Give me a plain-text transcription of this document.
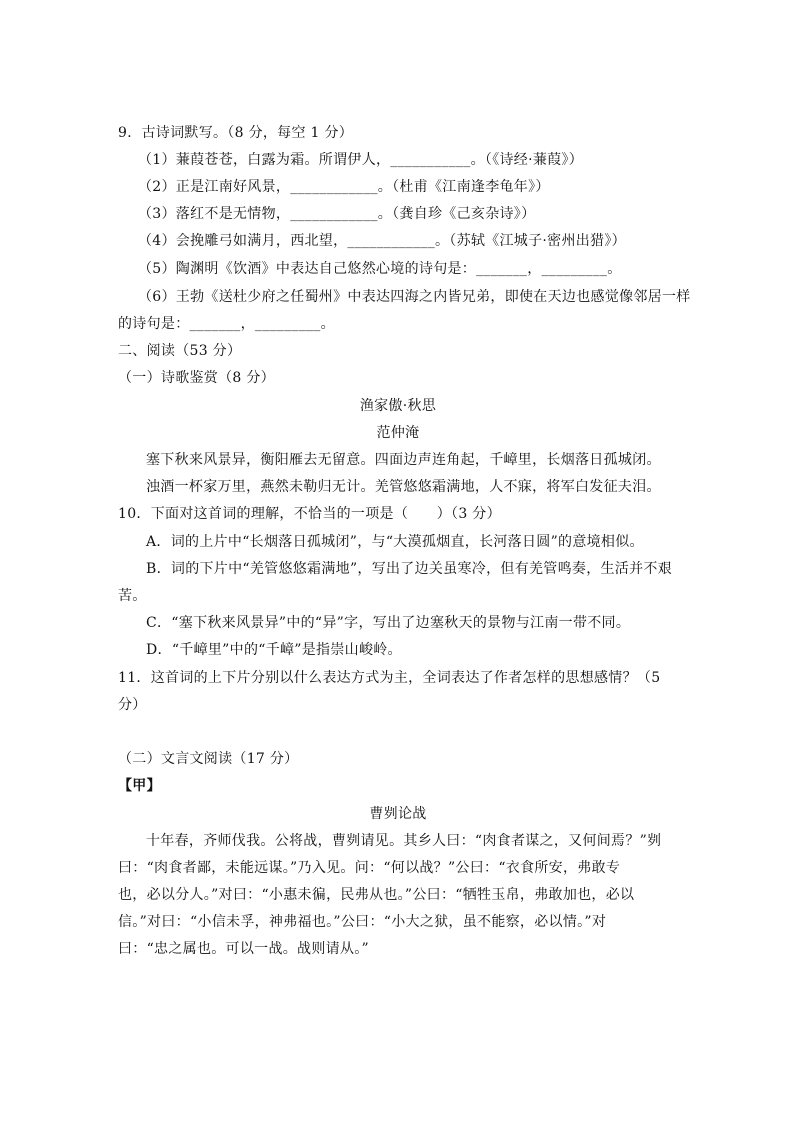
9．古诗词默写。（8 分，每空 1 分）
（1）蒹葭苍苍，白露为霜。所谓伊人，___________。（《诗经·蒹葭》）
（2）正是江南好风景，____________。（杜甫《江南逢李龟年》）
（3）落红不是无情物，____________。（龚自珍《己亥杂诗》）
（4）会挽雕弓如满月，西北望，____________。（苏轼《江城子·密州出猎》）
（5）陶渊明《饮酒》中表达自己悠然心境的诗句是：_______，_________。
（6）王勃《送杜少府之任蜀州》中表达四海之内皆兄弟，即使在天边也感觉像邻居一样
的诗句是：_______，_________。
二、阅读（53 分）
（一）诗歌鉴赏（8 分）
渔家傲·秋思
范仲淹
塞下秋来风景异，衡阳雁去无留意。四面边声连角起，千嶂里，长烟落日孤城闭。
浊酒一杯家万里，燕然未勒归无计。羌管悠悠霜满地，人不寐，将军白发征夫泪。
10．下面对这首词的理解，不恰当的一项是（　　）（3 分）
A．词的上片中“长烟落日孤城闭”，与“大漠孤烟直，长河落日圆”的意境相似。
B．词的下片中“羌管悠悠霜满地”，写出了边关虽寒冷，但有羌管鸣奏，生活并不艰
苦。
C．“塞下秋来风景异”中的“异”字，写出了边塞秋天的景物与江南一带不同。
D．“千嶂里”中的“千嶂”是指崇山峻岭。
11．这首词的上下片分别以什么表达方式为主，全词表达了作者怎样的思想感情？（5
分）
（二）文言文阅读（17 分）
【甲】
曹刿论战
十年春，齐师伐我。公将战，曹刿请见。其乡人曰：“肉食者谋之，又何间焉？”刿
曰：“肉食者鄙，未能远谋。”乃入见。问：“何以战？”公曰：“衣食所安，弗敢专
也，必以分人。”对曰：“小惠未徧，民弗从也。”公曰：“牺牲玉帛，弗敢加也，必以
信。”对曰：“小信未孚，神弗福也。”公曰：“小大之狱，虽不能察，必以情。”对
曰：“忠之属也。可以一战。战则请从。”
